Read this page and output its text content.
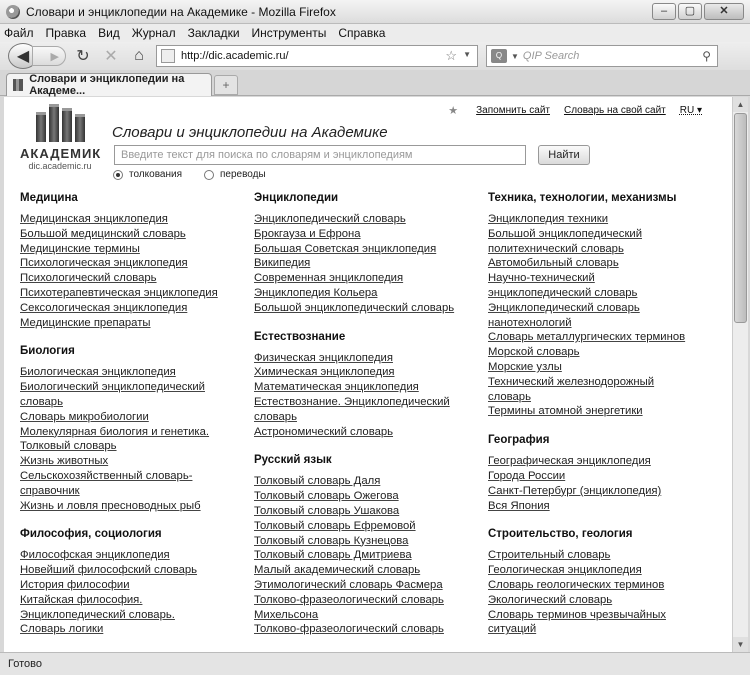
Словари и энциклопедии на Академике - Mozilla Firefox	–	▢	✕
Файл Правка Вид Журнал Закладки Инструменты Справка
◀ ▶ ↻ ✕ ⌂	http://dic.academic.ru/	☆ ▼	Q	▼ QIP Search	⚲
Словари и энциклопедии на Академе...	+
★ Запомнить сайт Словарь на свой сайт RU ▾
АКАДЕМИК
dic.academic.ru
Словари и энциклопедии на Академике
Введите текст для поиска по словарям и энциклопедиям	Найти
толкования	переводы
Медицина
Медицинская энциклопедия
Большой медицинский словарь
Медицинские термины
Психологическая энциклопедия
Психологический словарь
Психотерапевтическая энциклопедия
Сексологическая энциклопедия
Медицинские препараты
Биология
Биологическая энциклопедия
Биологический энциклопедический
словарь
Словарь микробиологии
Молекулярная биология и генетика.
Толковый словарь
Жизнь животных
Сельскохозяйственный словарь-
справочник
Жизнь и ловля пресноводных рыб
Философия, социология
Философская энциклопедия
Новейший философский словарь
История философии
Китайская философия.
Энциклопедический словарь.
Словарь логики
Энциклопедии
Энциклопедический словарь
Брокгауза и Ефрона
Большая Советская энциклопедия
Википедия
Современная энциклопедия
Энциклопедия Кольера
Большой энциклопедический словарь
Естествознание
Физическая энциклопедия
Химическая энциклопедия
Математическая энциклопедия
Естествознание. Энциклопедический
словарь
Астрономический словарь
Русский язык
Толковый словарь Даля
Толковый словарь Ожегова
Толковый словарь Ушакова
Толковый словарь Ефремовой
Толковый словарь Кузнецова
Толковый словарь Дмитриева
Малый академический словарь
Этимологический словарь Фасмера
Толково-фразеологический словарь
Михельсона
Толково-фразеологический словарь
Техника, технологии, механизмы
Энциклопедия техники
Большой энциклопедический
политехнический словарь
Автомобильный словарь
Научно-технический
энциклопедический словарь
Энциклопедический словарь
нанотехнологий
Словарь металлургических терминов
Морской словарь
Морские узлы
Технический железнодорожный
словарь
Термины атомной энергетики
География
Географическая энциклопедия
Города России
Санкт-Петербург (энциклопедия)
Вся Япония
Строительство, геология
Строительный словарь
Геологическая энциклопедия
Словарь геологических терминов
Экологический словарь
Словарь терминов чрезвычайных
ситуаций
▲
▼
Готово
